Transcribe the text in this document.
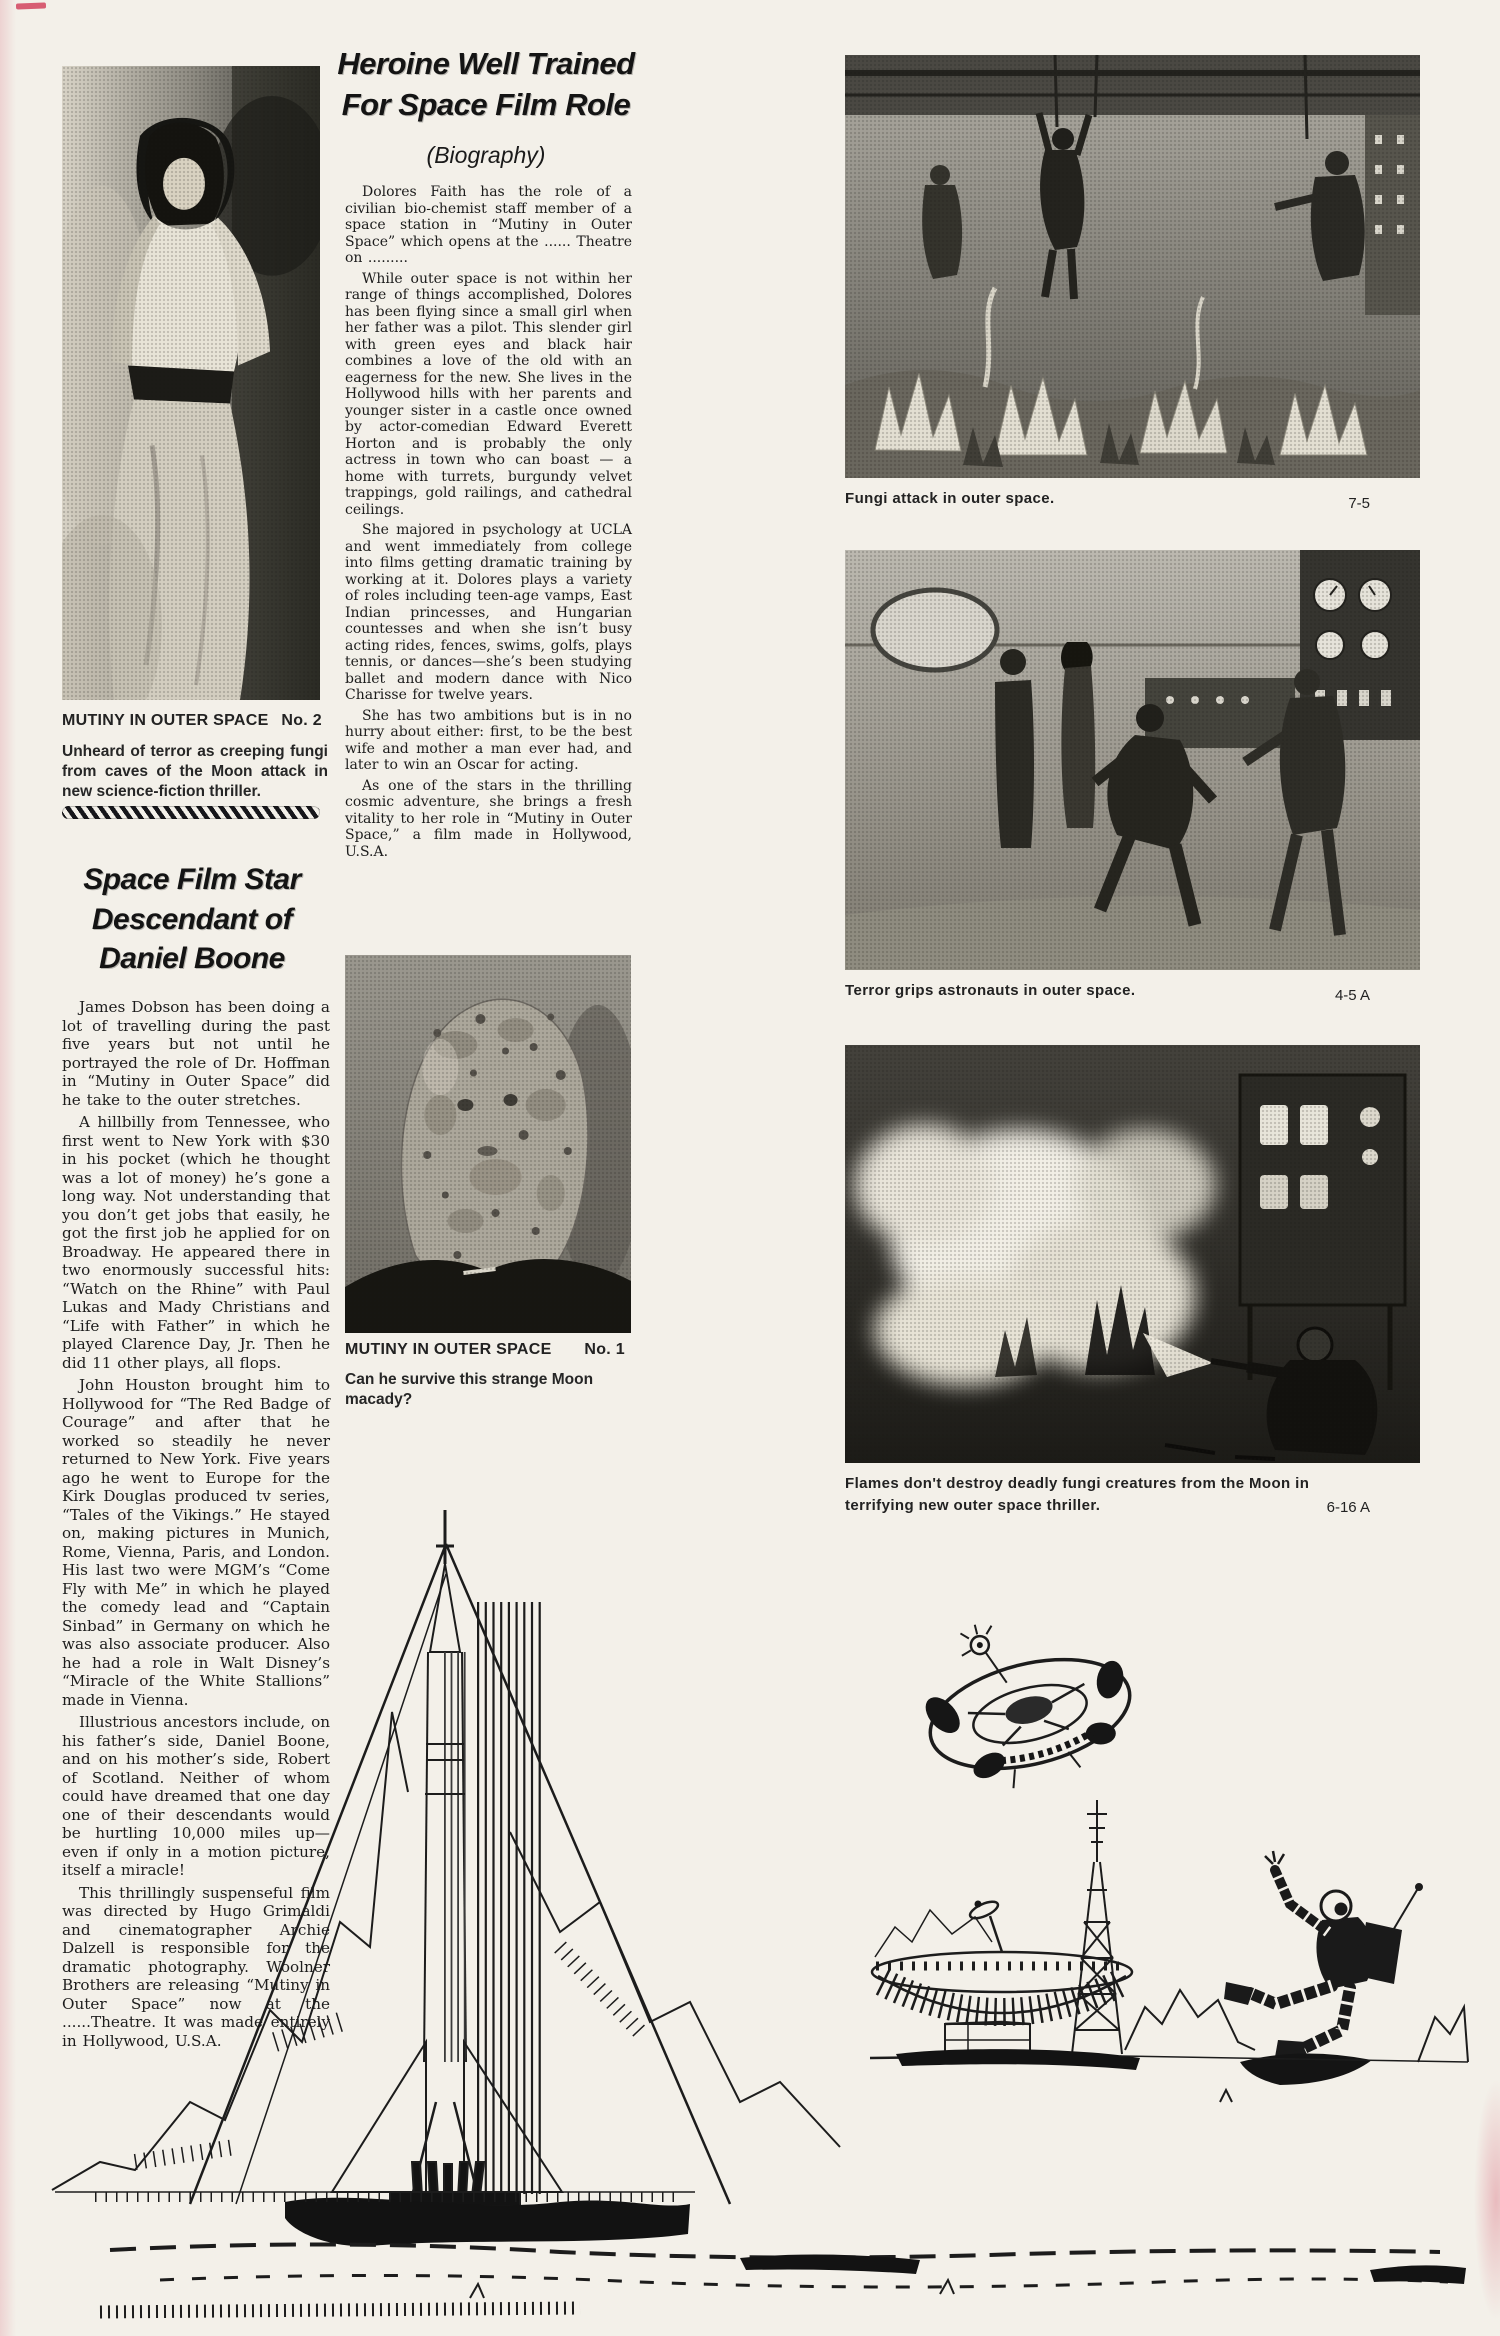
MUTINY IN OUTER SPACE No. 2

Unheard of terror as creeping fungi from caves of the Moon attack in new science-fiction thriller.

Space Film Star
Descendant of
Daniel Boone

James Dobson has been doing a lot of travelling during the past five years but not until he portrayed the role of Dr. Hoffman in “Mutiny in Outer Space” did he take to the outer stretches.

A hillbilly from Tennessee, who first went to New York with $30 in his pocket (which he thought was a lot of money) he’s gone a long way. Not understanding that you don’t get jobs that easily, he got the first job he applied for on Broadway. He appeared there in two enormously successful hits: “Watch on the Rhine” with Paul Lukas and Mady Christians and “Life with Father” in which he played Clarence Day, Jr. Then he did 11 other plays, all flops.

John Houston brought him to Hollywood for “The Red Badge of Courage” and after that he worked so steadily he never returned to New York. Five years ago he went to Europe for the Kirk Douglas produced tv series, “Tales of the Vikings.” He stayed on, making pictures in Munich, Rome, Vienna, Paris, and London. His last two were MGM’s “Come Fly with Me” in which he played the comedy lead and “Captain Sinbad” in Germany on which he was also associate producer. Also he had a role in Walt Disney’s “Miracle of the White Stallions” made in Vienna.

Illustrious ancestors include, on his father’s side, Daniel Boone, and on his mother’s side, Robert of Scotland. Neither of whom could have dreamed that one day one of their descendants would be hurtling 10,000 miles up—even if only in a motion picture, itself a miracle!

This thrillingly suspenseful film was directed by Hugo Grimaldi and cinematographer Archie Dalzell is responsible for the dramatic photography. Woolner Brothers are releasing “Mutiny in Outer Space” now at the ......Theatre. It was made entirely in Hollywood, U.S.A.

Heroine Well Trained
For Space Film Role
(Biography)

Dolores Faith has the role of a civilian bio-chemist staff member of a space station in “Mutiny in Outer Space” which opens at the ...... Theatre on .........

While outer space is not within her range of things accomplished, Dolores has been flying since a small girl when her father was a pilot. This slender girl with green eyes and black hair combines a love of the old with an eagerness for the new. She lives in the Hollywood hills with her parents and younger sister in a castle once owned by actor-comedian Edward Everett Horton and is probably the only actress in town who can boast — a home with turrets, burgundy velvet trappings, gold railings, and cathedral ceilings.

She majored in psychology at UCLA and went immediately from college into films getting dramatic training by working at it. Dolores plays a variety of roles including teen-age vamps, East Indian princesses, and Hungarian countesses and when she isn’t busy acting rides, fences, swims, golfs, plays tennis, or dances—she’s been studying ballet and modern dance with Nico Charisse for twelve years.

She has two ambitions but is in no hurry about either: first, to be the best wife and mother a man ever had, and later to win an Oscar for acting.

As one of the stars in the thrilling cosmic adventure, she brings a fresh vitality to her role in “Mutiny in Outer Space,” a film made in Hollywood, U.S.A.

MUTINY IN OUTER SPACE No. 1

Can he survive this strange Moon macady?

Fungi attack in outer space.	7-5
Terror grips astronauts in outer space.	4-5 A
Flames don't destroy deadly fungi creatures from the Moon in terrifying new outer space thriller.	6-16 A
